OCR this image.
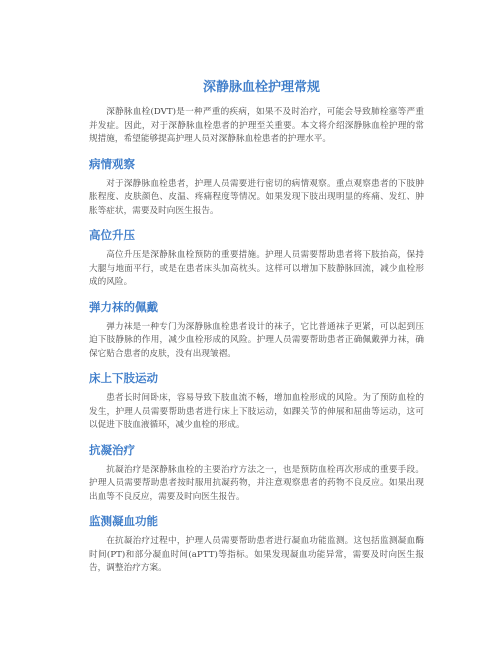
深静脉血栓护理常规

深静脉血栓(DVT)是一种严重的疾病，如果不及时治疗，可能会导致肺栓塞等严重并发症。因此，对于深静脉血栓患者的护理至关重要。本文将介绍深静脉血栓护理的常规措施，希望能够提高护理人员对深静脉血栓患者的护理水平。

病情观察

对于深静脉血栓患者，护理人员需要进行密切的病情观察。重点观察患者的下肢肿胀程度、皮肤颜色、皮温、疼痛程度等情况。如果发现下肢出现明显的疼痛、发红、肿胀等症状，需要及时向医生报告。

高位升压

高位升压是深静脉血栓预防的重要措施。护理人员需要帮助患者将下肢抬高，保持大腿与地面平行，或是在患者床头加高枕头。这样可以增加下肢静脉回流，减少血栓形成的风险。

弹力袜的佩戴

弹力袜是一种专门为深静脉血栓患者设计的袜子，它比普通袜子更紧，可以起到压迫下肢静脉的作用，减少血栓形成的风险。护理人员需要帮助患者正确佩戴弹力袜，确保它贴合患者的皮肤，没有出现皱褶。

床上下肢运动

患者长时间卧床，容易导致下肢血流不畅，增加血栓形成的风险。为了预防血栓的发生，护理人员需要帮助患者进行床上下肢运动，如踝关节的伸展和屈曲等运动，这可以促进下肢血液循环，减少血栓的形成。

抗凝治疗

抗凝治疗是深静脉血栓的主要治疗方法之一，也是预防血栓再次形成的重要手段。护理人员需要帮助患者按时服用抗凝药物，并注意观察患者的药物不良反应。如果出现出血等不良反应，需要及时向医生报告。

监测凝血功能

在抗凝治疗过程中，护理人员需要帮助患者进行凝血功能监测。这包括监测凝血酶时间(PT)和部分凝血时间(aPTT)等指标。如果发现凝血功能异常，需要及时向医生报告，调整治疗方案。
